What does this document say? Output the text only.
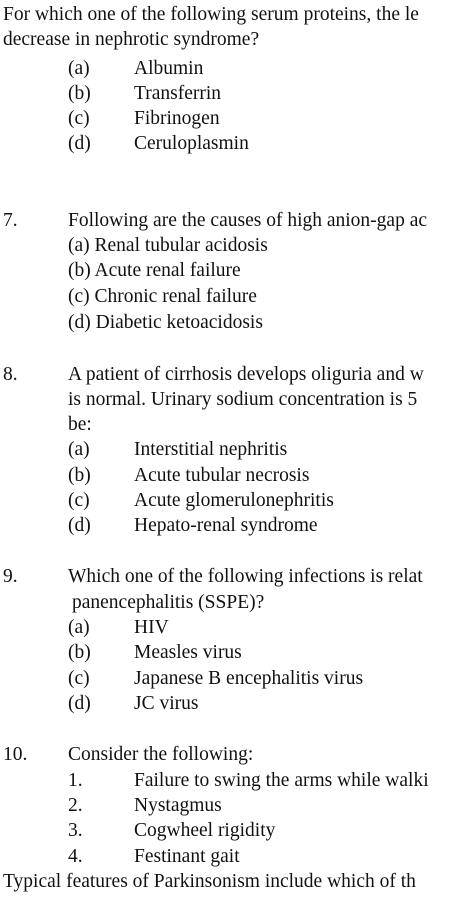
For which one of the following serum proteins, the le
decrease in nephrotic syndrome?
(a) Albumin
(b) Transferrin
(c) Fibrinogen
(d) Ceruloplasmin
7.	Following are the causes of high anion-gap ac
(a) Renal tubular acidosis
(b) Acute renal failure
(c) Chronic renal failure
(d) Diabetic ketoacidosis
8.	A patient of cirrhosis develops oliguria and w
is normal. Urinary sodium concentration is 5
be:
(a) Interstitial nephritis
(b) Acute tubular necrosis
(c) Acute glomerulonephritis
(d) Hepato-renal syndrome
9.	Which one of the following infections is relat
panencephalitis (SSPE)?
(a) HIV
(b) Measles virus
(c) Japanese B encephalitis virus
(d) JC virus
10. Consider the following:
1.	Failure to swing the arms while walki
2.	Nystagmus
3.	Cogwheel rigidity
4.	Festinant gait
Typical features of Parkinsonism include which of th
